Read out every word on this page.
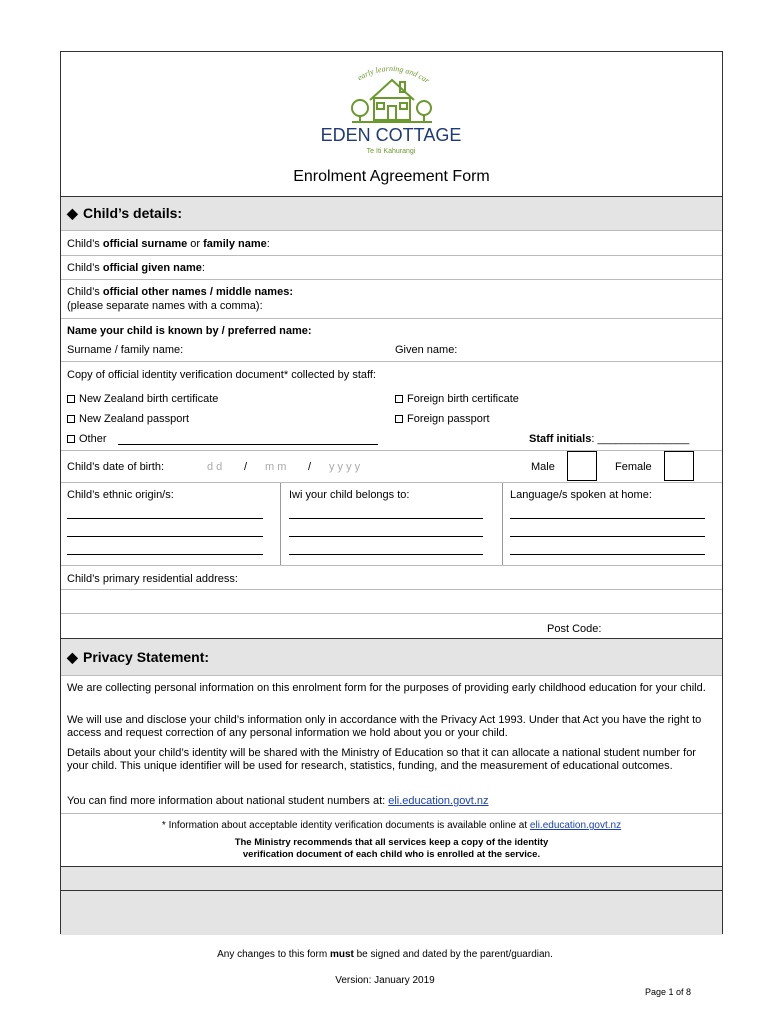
early learning and car
EDEN COTTAGE
Te Iti Kahurangi
Enrolment Agreement Form
◆ Child’s details:
Child’s official surname or family name:
Child’s official given name:
Child’s official other names / middle names:
(please separate names with a comma):
Name your child is known by / preferred name:
Surname / family name:	Given name:
Copy of official identity verification document* collected by staff:
New Zealand birth certificate	Foreign birth certificate
New Zealand passport	Foreign passport
Other	Staff initials: _______________
Child’s date of birth:	d d / m m / y y y y	Male	Female
Child’s ethnic origin/s:	Iwi your child belongs to:	Language/s spoken at home:
Child’s primary residential address:
Post Code:
◆ Privacy Statement:
We are collecting personal information on this enrolment form for the purposes of providing early childhood education for your child.
We will use and disclose your child’s information only in accordance with the Privacy Act 1993. Under that Act you have the right to access and request correction of any personal information we hold about you or your child.
Details about your child’s identity will be shared with the Ministry of Education so that it can allocate a national student number for your child. This unique identifier will be used for research, statistics, funding, and the measurement of educational outcomes.
You can find more information about national student numbers at: eli.education.govt.nz
* Information about acceptable identity verification documents is available online at eli.education.govt.nz
The Ministry recommends that all services keep a copy of the identity
verification document of each child who is enrolled at the service.
Any changes to this form must be signed and dated by the parent/guardian.
Version: January 2019
Page 1 of 8
